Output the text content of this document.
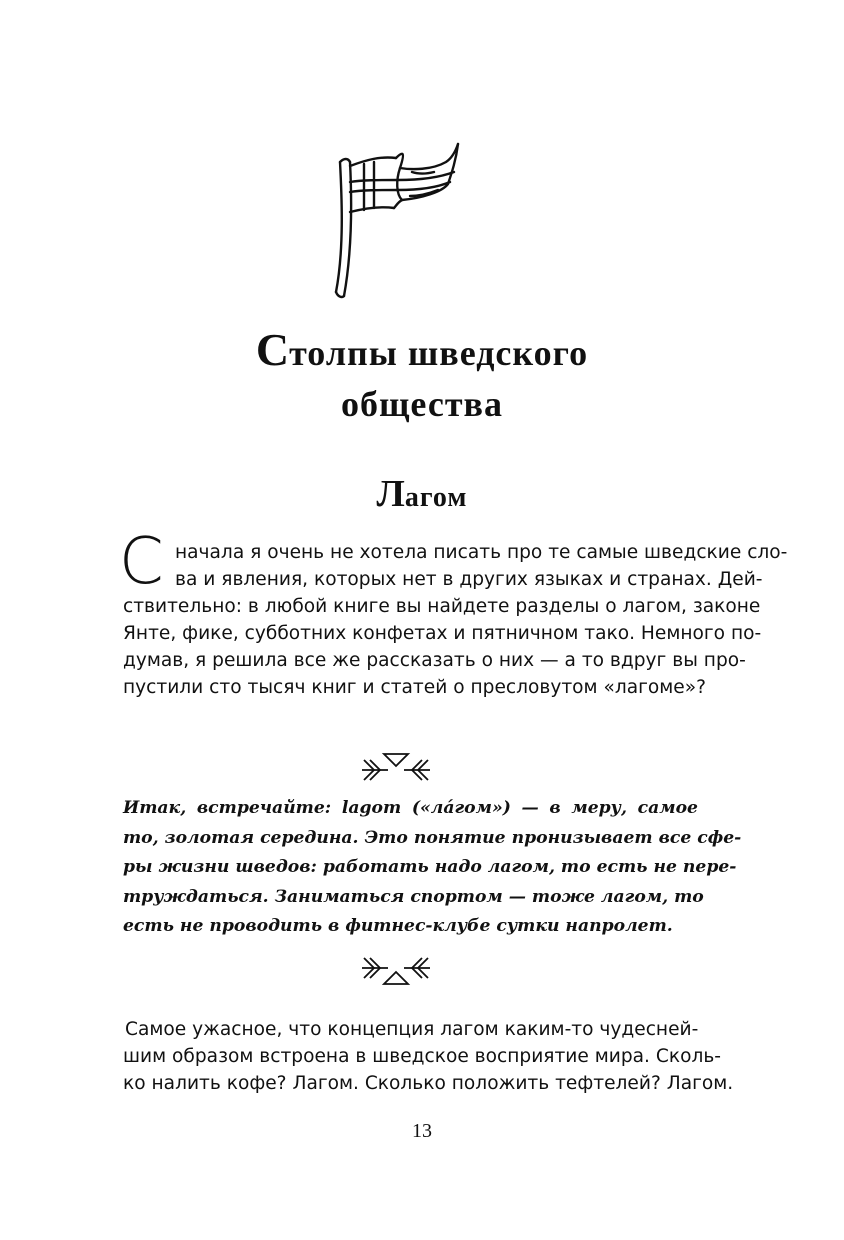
Столпы шведского
общества
Лагом
С начала я очень не хотела писать про те самые шведские сло-
ва и явления, которых нет в других языках и странах. Дей-
ствительно: в любой книге вы найдете разделы о лагом, законе
Янте, фике, субботних конфетах и пятничном тако. Немного по-
думав, я решила все же рассказать о них — а то вдруг вы про-
пустили сто тысяч книг и статей о пресловутом «лагоме»?
Итак, встречайте: lagom («лáгом») — в меру, самое
то, золотая середина. Это понятие пронизывает все сфе-
ры жизни шведов: работать надо лагом, то есть не пере-
труждаться. Заниматься спортом — тоже лагом, то
есть не проводить в фитнес-клубе сутки напролет.
Самое ужасное, что концепция лагом каким-то чудесней-
шим образом встроена в шведское восприятие мира. Сколь-
ко налить кофе? Лагом. Сколько положить тефтелей? Лагом.
13
